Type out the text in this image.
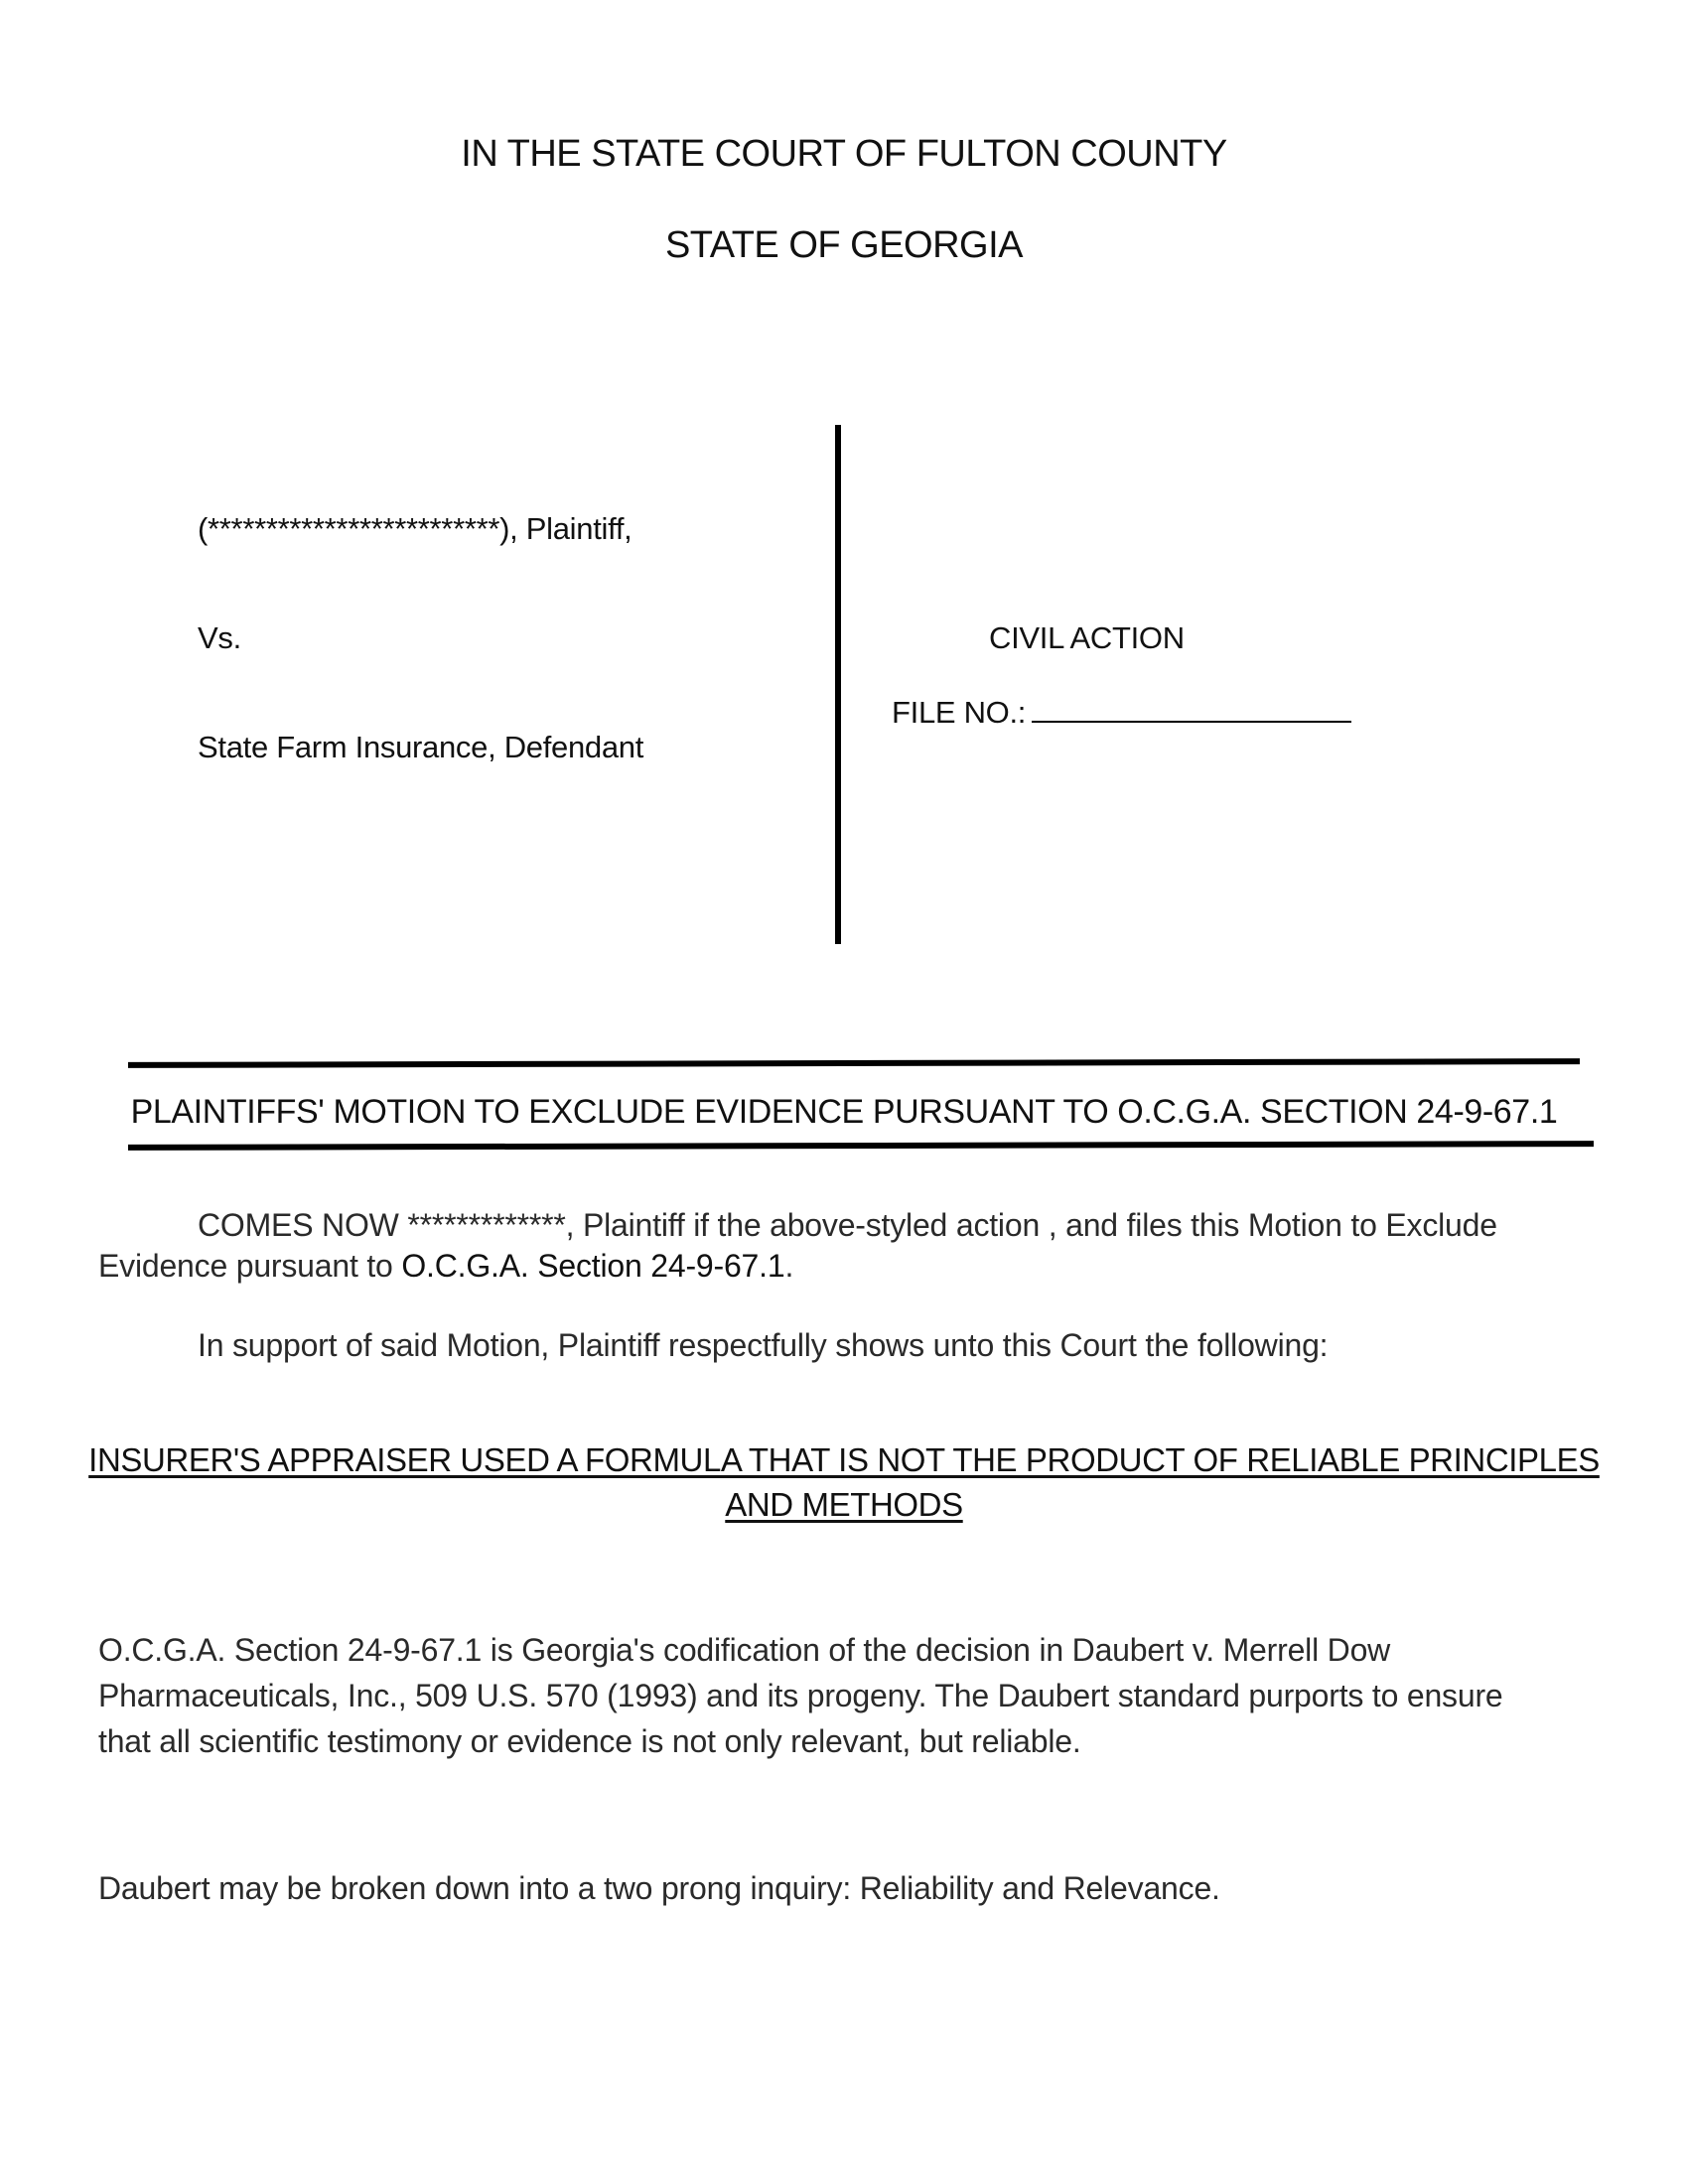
IN THE STATE COURT OF FULTON COUNTY
STATE OF GEORGIA
(*************************), Plaintiff,
Vs.
State Farm Insurance, Defendant
CIVIL ACTION
FILE NO.:
PLAINTIFFS' MOTION TO EXCLUDE EVIDENCE PURSUANT TO O.C.G.A. SECTION 24-9-67.1
COMES NOW *************, Plaintiff if the above-styled action , and files this Motion to Exclude
Evidence pursuant to O.C.G.A. Section 24-9-67.1.
In support of said Motion, Plaintiff respectfully shows unto this Court the following:
INSURER'S APPRAISER USED A FORMULA THAT IS NOT THE PRODUCT OF RELIABLE PRINCIPLES
AND METHODS
O.C.G.A. Section 24-9-67.1 is Georgia's codification of the decision in Daubert v. Merrell Dow
Pharmaceuticals, Inc., 509 U.S. 570 (1993) and its progeny. The Daubert standard purports to ensure
that all scientific testimony or evidence is not only relevant, but reliable.
Daubert may be broken down into a two prong inquiry: Reliability and Relevance.
